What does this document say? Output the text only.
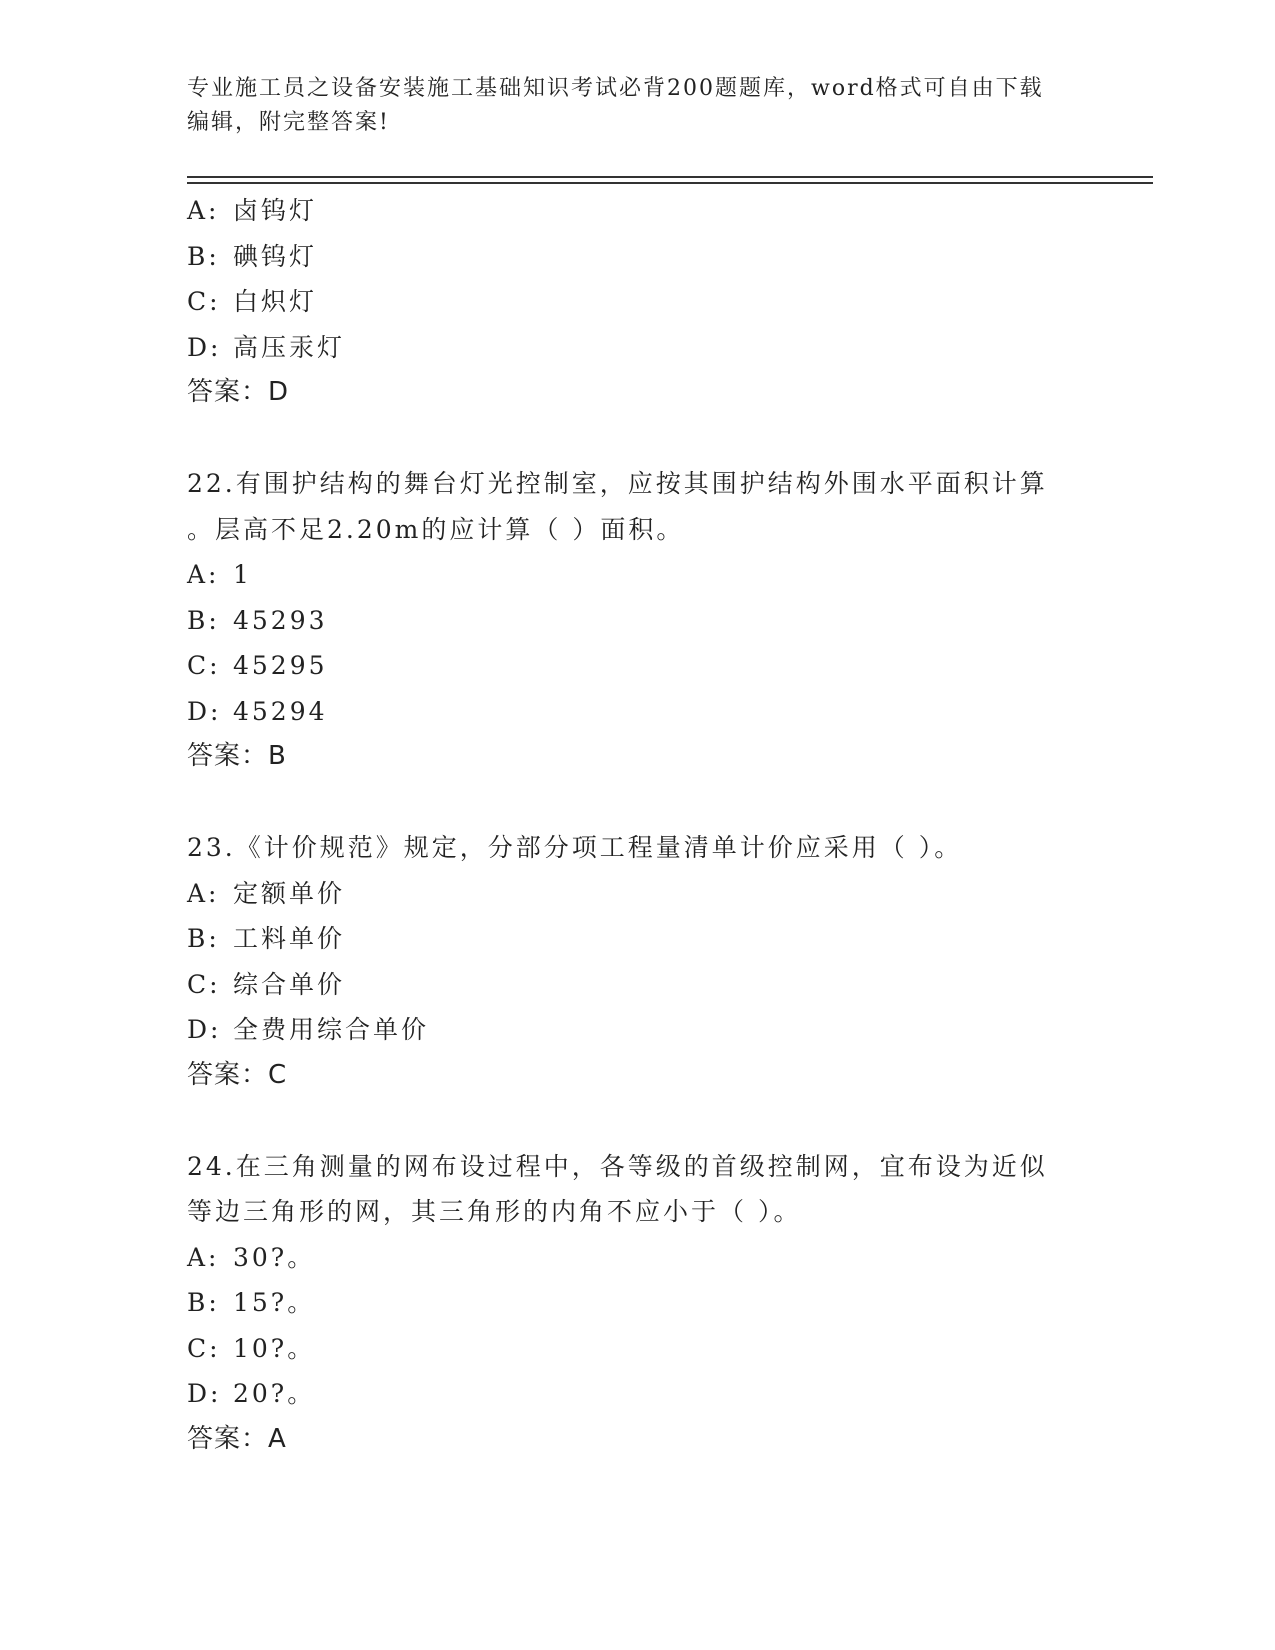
专业施工员之设备安装施工基础知识考试必背200题题库，word格式可自由下载
编辑，附完整答案!
A: 卤钨灯
B: 碘钨灯
C: 白炽灯
D: 高压汞灯
答案：D
22.有围护结构的舞台灯光控制室，应按其围护结构外围水平面积计算
。层高不足2.20m的应计算（ ）面积。
A: 1
B: 45293
C: 45295
D: 45294
答案：B
23.《计价规范》规定，分部分项工程量清单计价应采用（ ）。
A: 定额单价
B: 工料单价
C: 综合单价
D: 全费用综合单价
答案：C
24.在三角测量的网布设过程中，各等级的首级控制网，宜布设为近似
等边三角形的网，其三角形的内角不应小于（ ）。
A: 30?。
B: 15?。
C: 10?。
D: 20?。
答案：A
